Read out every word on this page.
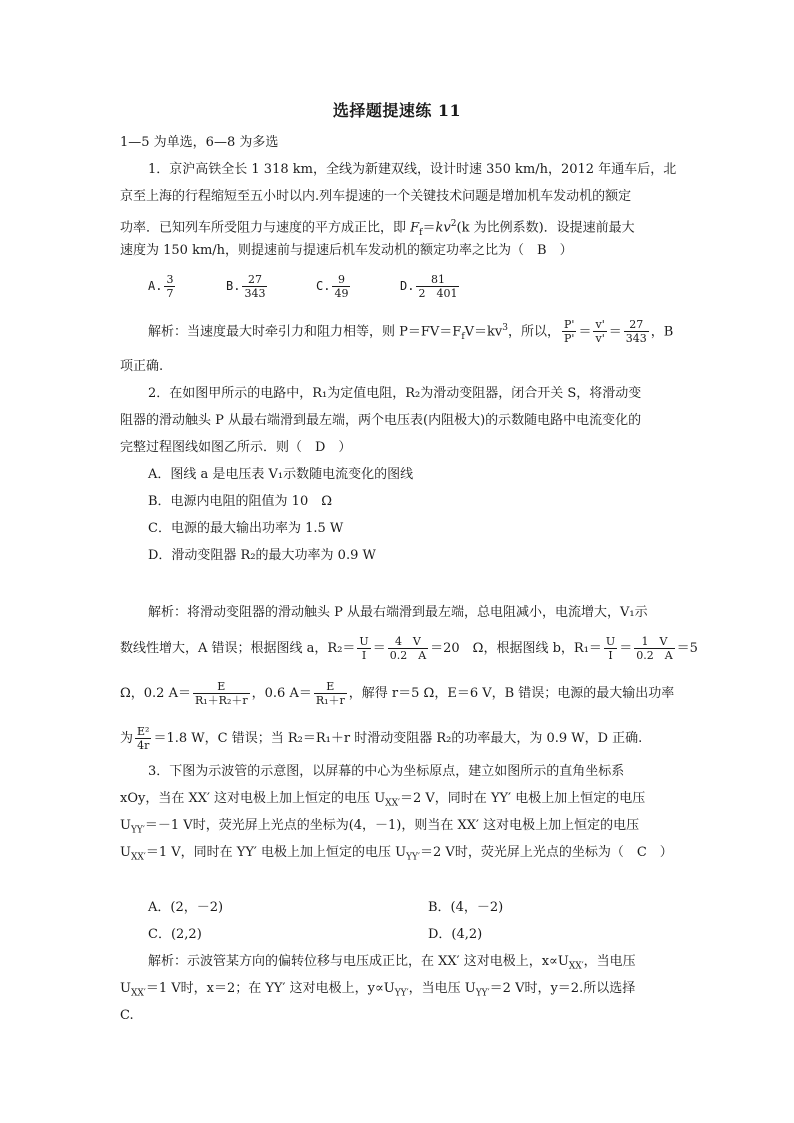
选择题提速练 11
1—5 为单选，6—8 为多选
1．京沪高铁全长 1 318 km，全线为新建双线，设计时速 350 km/h，2012 年通车后，北
京至上海的行程缩短至五小时以内.列车提速的一个关键技术问题是增加机车发动机的额定
功率．已知列车所受阻力与速度的平方成正比，即 $F_f=kv^2(k$ 为比例系数)．设提速前最大
速度为 150 km/h，则提速前与提速后机车发动机的额定功率之比为（　B　）
A. $\frac{3}{7}$	B. $\frac{27}{343}$	C. $\frac{9}{49}$	D. $\frac{81}{2 401}$
解析：当速度最大时牵引力和阻力相等，则 $P=FV=F_fV=kv^3$，所以， $\frac{P'}{P'} = \frac{v'}{v'} = \frac{27}{343}$ ，B
项正确.
2．在如图甲所示的电路中，R₁为定值电阻，R₂为滑动变阻器，闭合开关 S，将滑动变
阻器的滑动触头 P 从最右端滑到最左端，两个电压表(内阻极大)的示数随电路中电流变化的
完整过程图线如图乙所示．则（　D　）
A．图线 a 是电压表 V₁示数随电流变化的图线
B．电源内电阻的阻值为 10　Ω
C．电源的最大输出功率为 1.5 W
D．滑动变阻器 R₂的最大功率为 0.9 W
解析：将滑动变阻器的滑动触头 P 从最右端滑到最左端，总电阻减小，电流增大，V₁示
数线性增大，A 错误；根据图线 a，$R_2= \frac{U}{I} = \frac{4 V}{0.2 A} =20$　Ω，根据图线 b，$R_1= \frac{U}{I} = \frac{1 V}{0.2 A} =5$
Ω，0.2 $A= \frac{E}{\text{R₁＋R₂＋r}}$ ，0.6 $A= \frac{E}{\text{R₁＋r}}$ ，解得 r＝5 Ω，E＝6 V，B 错误；电源的最大输出功率
为 $\frac{\text{E²}}{4r} =1.8$ W，C 错误；当 R₂＝R₁＋r 时滑动变阻器 R₂的功率最大，为 0.9 W，D 正确.
3．下图为示波管的示意图，以屏幕的中心为坐标原点，建立如图所示的直角坐标系
xOy，当在 XX′ 这对电极上加上恒定的电压 $U_{XX'}=2$ V，同时在 YY′ 电极上加上恒定的电压
$U_{YY'}=-1$ V时，荧光屏上光点的坐标为(4，－1)，则当在 XX′ 这对电极上加上恒定的电压
$U_{XX'}=1$ V，同时在 YY′ 电极上加上恒定的电压 $U_{YY'}=2$ V时，荧光屏上光点的坐标为（　C　）
A．(2，－2)	B．(4，－2)
C．(2,2)	D．(4,2)
解析：示波管某方向的偏转位移与电压成正比，在 XX′ 这对电极上，$x\propto U_{XX'}$，当电压
$U_{XX'}=1$ V时，x＝2；在 YY′ 这对电极上，$y\propto U_{YY'}$，当电压 $U_{YY'}=2$ V时，y＝2.所以选择
C.
